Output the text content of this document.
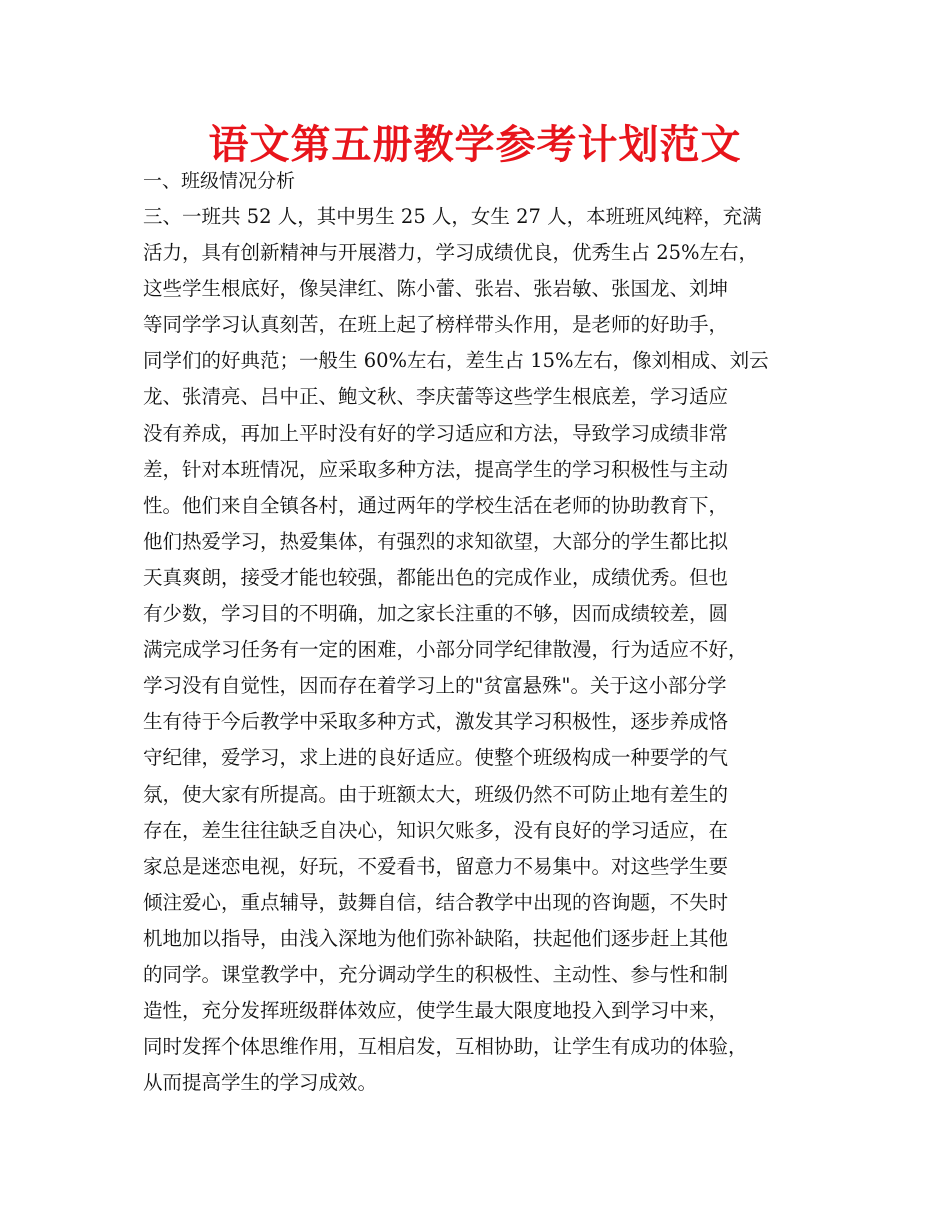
语文第五册教学参考计划范文

一、班级情况分析

三、一班共 52 人，其中男生 25 人，女生 27 人，本班班风纯粹，充满
活力，具有创新精神与开展潜力，学习成绩优良，优秀生占 25%左右，
这些学生根底好，像吴津红、陈小蕾、张岩、张岩敏、张国龙、刘坤
等同学学习认真刻苦，在班上起了榜样带头作用，是老师的好助手，
同学们的好典范；一般生 60%左右，差生占 15%左右，像刘相成、刘云
龙、张清亮、吕中正、鲍文秋、李庆蕾等这些学生根底差，学习适应
没有养成，再加上平时没有好的学习适应和方法，导致学习成绩非常
差，针对本班情况，应采取多种方法，提高学生的学习积极性与主动
性。他们来自全镇各村，通过两年的学校生活在老师的协助教育下，
他们热爱学习，热爱集体，有强烈的求知欲望，大部分的学生都比拟
天真爽朗，接受才能也较强，都能出色的完成作业，成绩优秀。但也
有少数，学习目的不明确，加之家长注重的不够，因而成绩较差，圆
满完成学习任务有一定的困难，小部分同学纪律散漫，行为适应不好，
学习没有自觉性，因而存在着学习上的"贫富悬殊"。关于这小部分学
生有待于今后教学中采取多种方式，激发其学习积极性，逐步养成恪
守纪律，爱学习，求上进的良好适应。使整个班级构成一种要学的气
氛，使大家有所提高。由于班额太大，班级仍然不可防止地有差生的
存在，差生往往缺乏自决心，知识欠账多，没有良好的学习适应，在
家总是迷恋电视，好玩，不爱看书，留意力不易集中。对这些学生要
倾注爱心，重点辅导，鼓舞自信，结合教学中出现的咨询题，不失时
机地加以指导，由浅入深地为他们弥补缺陷，扶起他们逐步赶上其他
的同学。课堂教学中，充分调动学生的积极性、主动性、参与性和制
造性，充分发挥班级群体效应，使学生最大限度地投入到学习中来，
同时发挥个体思维作用，互相启发，互相协助，让学生有成功的体验，
从而提高学生的学习成效。
